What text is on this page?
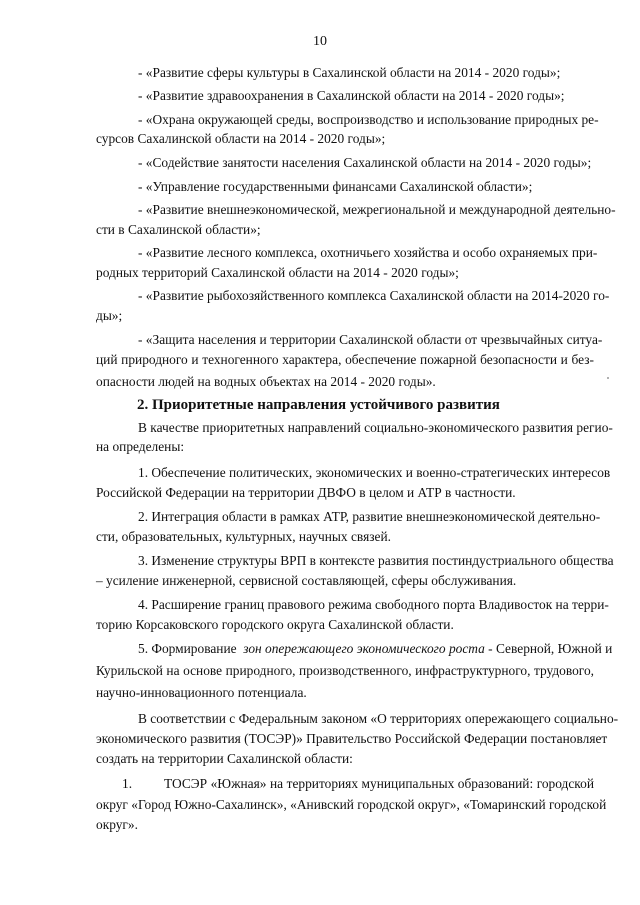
10
- «Развитие сферы культуры в Сахалинской области на 2014 - 2020 годы»;
- «Развитие здравоохранения в Сахалинской области на 2014 - 2020 годы»;
- «Охрана окружающей среды, воспроизводство и использование природных ре-
сурсов Сахалинской области на 2014 - 2020 годы»;
- «Содействие занятости населения Сахалинской области на 2014 - 2020 годы»;
- «Управление государственными финансами Сахалинской области»;
- «Развитие внешнеэкономической, межрегиональной и международной деятельно-
сти в Сахалинской области»;
- «Развитие лесного комплекса, охотничьего хозяйства и особо охраняемых при-
родных территорий Сахалинской области на 2014 - 2020 годы»;
- «Развитие рыбохозяйственного комплекса Сахалинской области на 2014-2020 го-
ды»;
- «Защита населения и территории Сахалинской области от чрезвычайных ситуа-
ций природного и техногенного характера, обеспечение пожарной безопасности и без-
опасности людей на водных объектах на 2014 - 2020 годы».
2. Приоритетные направления устойчивого развития
В качестве приоритетных направлений социально-экономического развития регио-
на определены:
1. Обеспечение политических, экономических и военно-стратегических интересов
Российской Федерации на территории ДВФО в целом и АТР в частности.
2. Интеграция области в рамках АТР, развитие внешнеэкономической деятельно-
сти, образовательных, культурных, научных связей.
3. Изменение структуры ВРП в контексте развития постиндустриального общества
– усиление инженерной, сервисной составляющей, сферы обслуживания.
4. Расширение границ правового режима свободного порта Владивосток на терри-
торию Корсаковского городского округа Сахалинской области.
5. Формирование зон опережающего экономического роста - Северной, Южной и
Курильской на основе природного, производственного, инфраструктурного, трудового,
научно-инновационного потенциала.
В соответствии с Федеральным законом «О территориях опережающего социально-
экономического развития (ТОСЭР)» Правительство Российской Федерации постановляет
создать на территории Сахалинской области:
1. ТОСЭР «Южная» на территориях муниципальных образований: городской
округ «Город Южно-Сахалинск», «Анивский городской округ», «Томаринский городской
округ».
